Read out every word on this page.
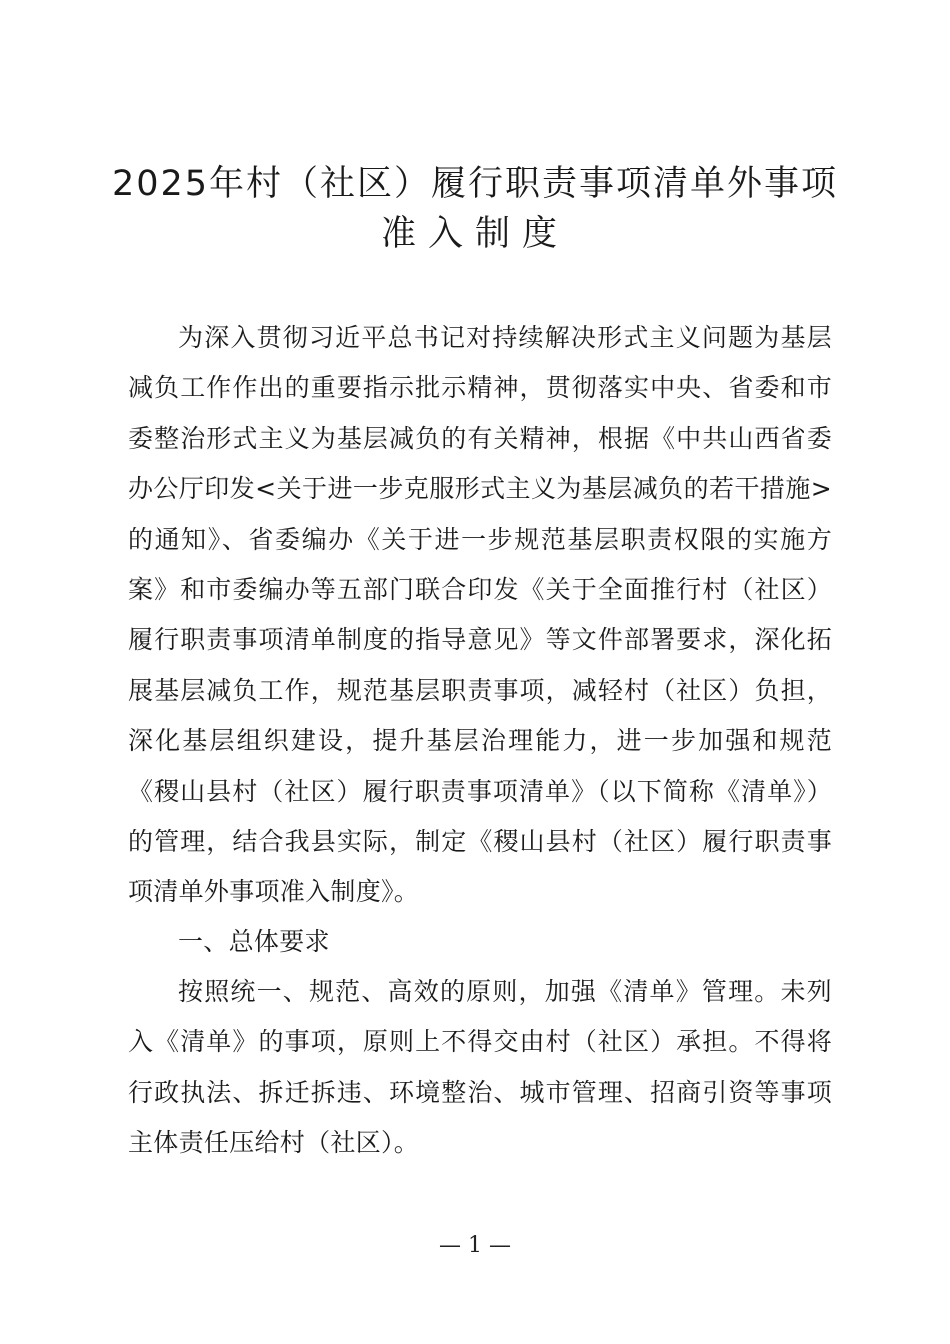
2025年村（社区）履行职责事项清单外事项
准入制度

为深入贯彻习近平总书记对持续解决形式主义问题为基层减负工作作出的重要指示批示精神，贯彻落实中央、省委和市委整治形式主义为基层减负的有关精神，根据《中共山西省委办公厅印发<关于进一步克服形式主义为基层减负的若干措施>的通知》、省委编办《关于进一步规范基层职责权限的实施方案》和市委编办等五部门联合印发《关于全面推行村（社区）履行职责事项清单制度的指导意见》等文件部署要求，深化拓展基层减负工作，规范基层职责事项，减轻村（社区）负担，深化基层组织建设，提升基层治理能力，进一步加强和规范《稷山县村（社区）履行职责事项清单》（以下简称《清单》）的管理，结合我县实际，制定《稷山县村（社区）履行职责事项清单外事项准入制度》。

一、总体要求

按照统一、规范、高效的原则，加强《清单》管理。未列入《清单》的事项，原则上不得交由村（社区）承担。不得将行政执法、拆迁拆违、环境整治、城市管理、招商引资等事项主体责任压给村（社区）。

— 1 —
